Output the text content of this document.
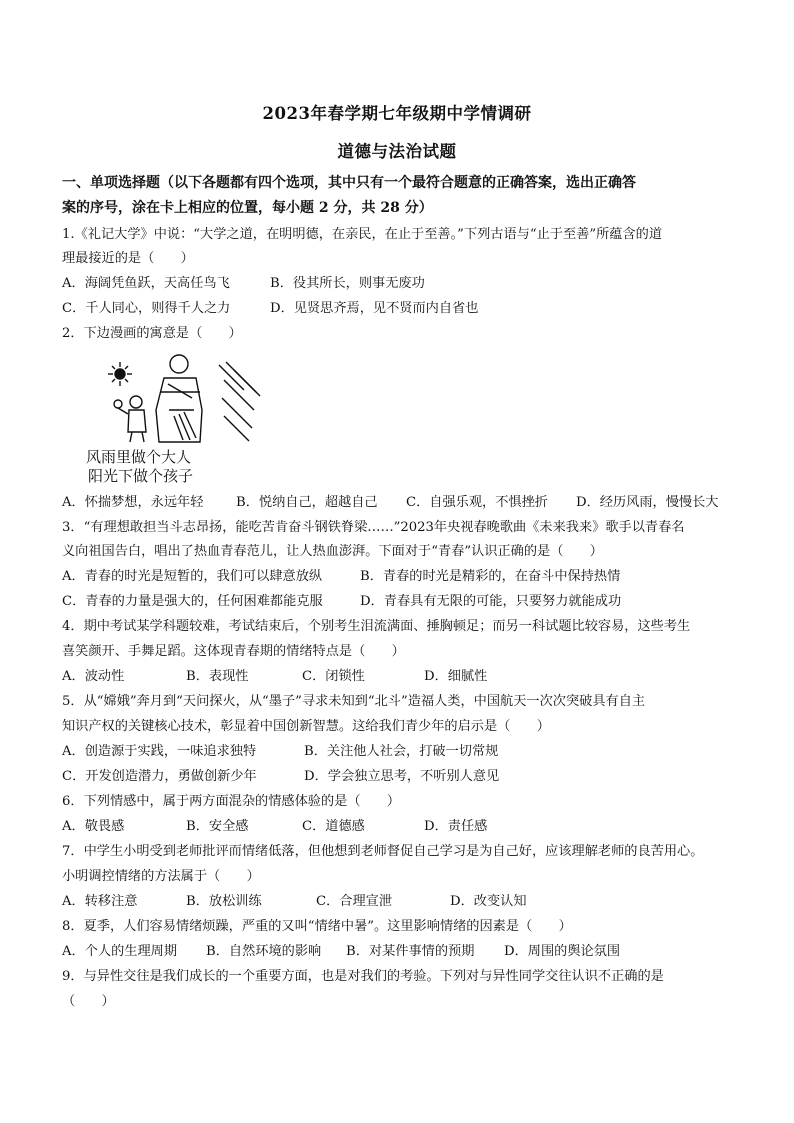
2023年春学期七年级期中学情调研
道德与法治试题
一、单项选择题（以下各题都有四个选项，其中只有一个最符合题意的正确答案，选出正确答
案的序号，涂在卡上相应的位置，每小题 2 分，共 28 分）
1.《礼记大学》中说：“大学之道，在明明德，在亲民，在止于至善。”下列古语与“止于至善”所蕴含的道
理最接近的是（　　）
A．海阔凭鱼跃，天高任鸟飞	B．役其所长，则事无废功
C．千人同心，则得千人之力	D．见贤思齐焉，见不贤而内自省也
2．下边漫画的寓意是（　　）
风雨里做个大人
阳光下做个孩子
A．怀揣梦想，永远年轻 B．悦纳自己，超越自己 C．自强乐观，不惧挫折 D．经历风雨，慢慢长大
3．“有理想敢担当斗志昂扬，能吃苦肯奋斗钢铁脊梁……”2023年央视春晚歌曲《未来我来》歌手以青春名
义向祖国告白，唱出了热血青春范儿，让人热血澎湃。下面对于“青春”认识正确的是（　　）
A．青春的时光是短暂的，我们可以肆意放纵	B．青春的时光是精彩的，在奋斗中保持热情
C．青春的力量是强大的，任何困难都能克服	D．青春具有无限的可能，只要努力就能成功
4．期中考试某学科题较难，考试结束后，个别考生泪流满面、捶胸顿足；而另一科试题比较容易，这些考生
喜笑颜开、手舞足蹈。这体现青春期的情绪特点是（　　）
A．波动性	B．表现性	C．闭锁性	D．细腻性
5．从“嫦娥”奔月到“天问探火，从“墨子”寻求未知到“北斗”造福人类，中国航天一次次突破具有自主
知识产权的关键核心技术，彰显着中国创新智慧。这给我们青少年的启示是（　　）
A．创造源于实践，一味追求独特	B．关注他人社会，打破一切常规
C．开发创造潜力，勇做创新少年	D．学会独立思考，不听别人意见
6．下列情感中，属于两方面混杂的情感体验的是（　　）
A．敬畏感	B．安全感	C．道德感	D．责任感
7．中学生小明受到老师批评而情绪低落，但他想到老师督促自己学习是为自己好，应该理解老师的良苦用心。
小明调控情绪的方法属于（　　）
A．转移注意	B．放松训练	C．合理宣泄	D．改变认知
8．夏季，人们容易情绪烦躁，严重的又叫“情绪中暑”。这里影响情绪的因素是（　　）
A．个人的生理周期 B．自然环境的影响 B．对某件事情的预期 D．周围的舆论氛围
9．与异性交往是我们成长的一个重要方面，也是对我们的考验。下列对与异性同学交往认识不正确的是
（　　）
